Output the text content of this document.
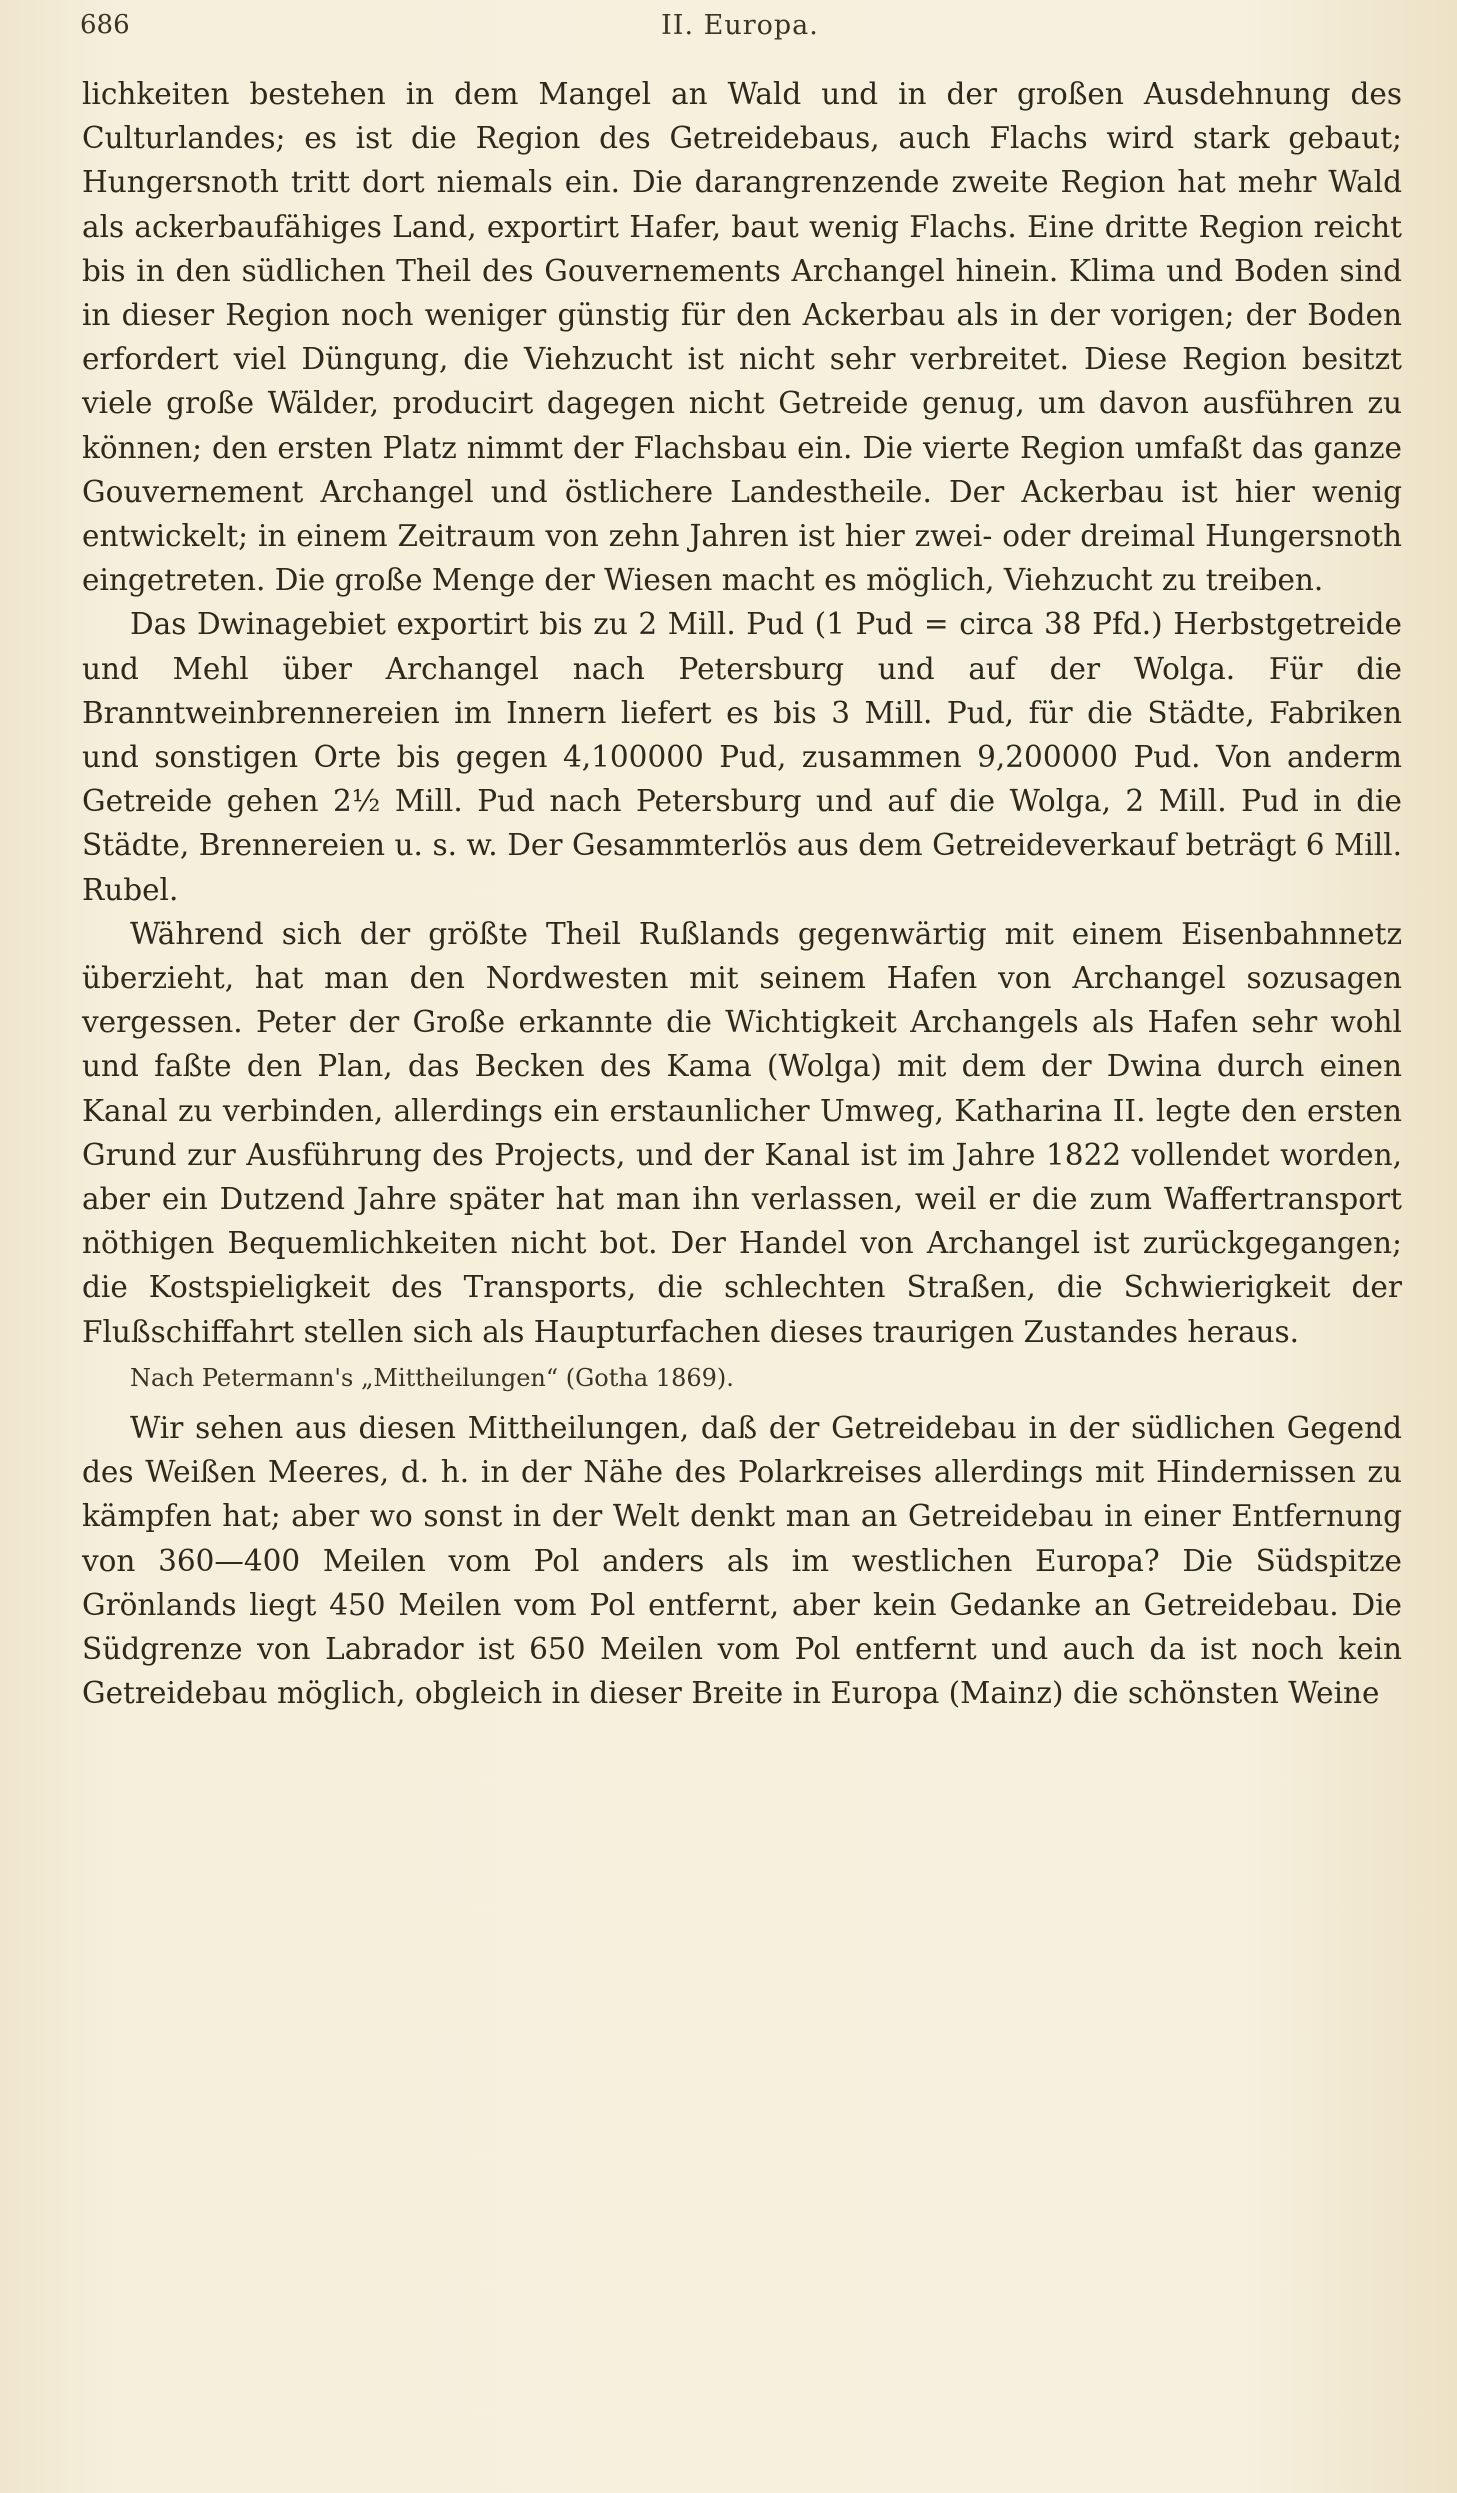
686	II. Europa.

lichkeiten bestehen in dem Mangel an Wald und in der großen Ausdehnung des Culturlandes; es ist die Region des Getreidebaus, auch Flachs wird stark gebaut; Hungersnoth tritt dort niemals ein. Die darangrenzende zweite Region hat mehr Wald als ackerbaufähiges Land, exportirt Hafer, baut wenig Flachs. Eine dritte Region reicht bis in den südlichen Theil des Gouvernements Archangel hinein. Klima und Boden sind in dieser Region noch weniger günstig für den Ackerbau als in der vorigen; der Boden erfordert viel Düngung, die Viehzucht ist nicht sehr verbreitet. Diese Region besitzt viele große Wälder, producirt dagegen nicht Getreide genug, um davon ausführen zu können; den ersten Platz nimmt der Flachsbau ein. Die vierte Region umfaßt das ganze Gouvernement Archangel und östlichere Landestheile. Der Ackerbau ist hier wenig entwickelt; in einem Zeitraum von zehn Jahren ist hier zwei- oder dreimal Hungersnoth eingetreten. Die große Menge der Wiesen macht es möglich, Viehzucht zu treiben.

Das Dwinagebiet exportirt bis zu 2 Mill. Pud (1 Pud = circa 38 Pfd.) Herbstgetreide und Mehl über Archangel nach Petersburg und auf der Wolga. Für die Branntweinbrennereien im Innern liefert es bis 3 Mill. Pud, für die Städte, Fabriken und sonstigen Orte bis gegen 4,100000 Pud, zusammen 9,200000 Pud. Von anderm Getreide gehen 2½ Mill. Pud nach Petersburg und auf die Wolga, 2 Mill. Pud in die Städte, Brennereien u. s. w. Der Gesammterlös aus dem Getreideverkauf beträgt 6 Mill. Rubel.

Während sich der größte Theil Rußlands gegenwärtig mit einem Eisenbahnnetz überzieht, hat man den Nordwesten mit seinem Hafen von Archangel sozusagen vergessen. Peter der Große erkannte die Wichtigkeit Archangels als Hafen sehr wohl und faßte den Plan, das Becken des Kama (Wolga) mit dem der Dwina durch einen Kanal zu verbinden, allerdings ein erstaunlicher Umweg, Katharina II. legte den ersten Grund zur Ausführung des Projects, und der Kanal ist im Jahre 1822 vollendet worden, aber ein Dutzend Jahre später hat man ihn verlassen, weil er die zum Waffertransport nöthigen Bequemlichkeiten nicht bot. Der Handel von Archangel ist zurückgegangen; die Kostspieligkeit des Transports, die schlechten Straßen, die Schwierigkeit der Flußschiffahrt stellen sich als Haupturfachen dieses traurigen Zustandes heraus.

Nach Petermann's „Mittheilungen“ (Gotha 1869).

Wir sehen aus diesen Mittheilungen, daß der Getreidebau in der südlichen Gegend des Weißen Meeres, d. h. in der Nähe des Polarkreises allerdings mit Hindernissen zu kämpfen hat; aber wo sonst in der Welt denkt man an Getreidebau in einer Entfernung von 360—400 Meilen vom Pol anders als im westlichen Europa? Die Südspitze Grönlands liegt 450 Meilen vom Pol entfernt, aber kein Gedanke an Getreidebau. Die Südgrenze von Labrador ist 650 Meilen vom Pol entfernt und auch da ist noch kein Getreidebau möglich, obgleich in dieser Breite in Europa (Mainz) die schönsten Weine
